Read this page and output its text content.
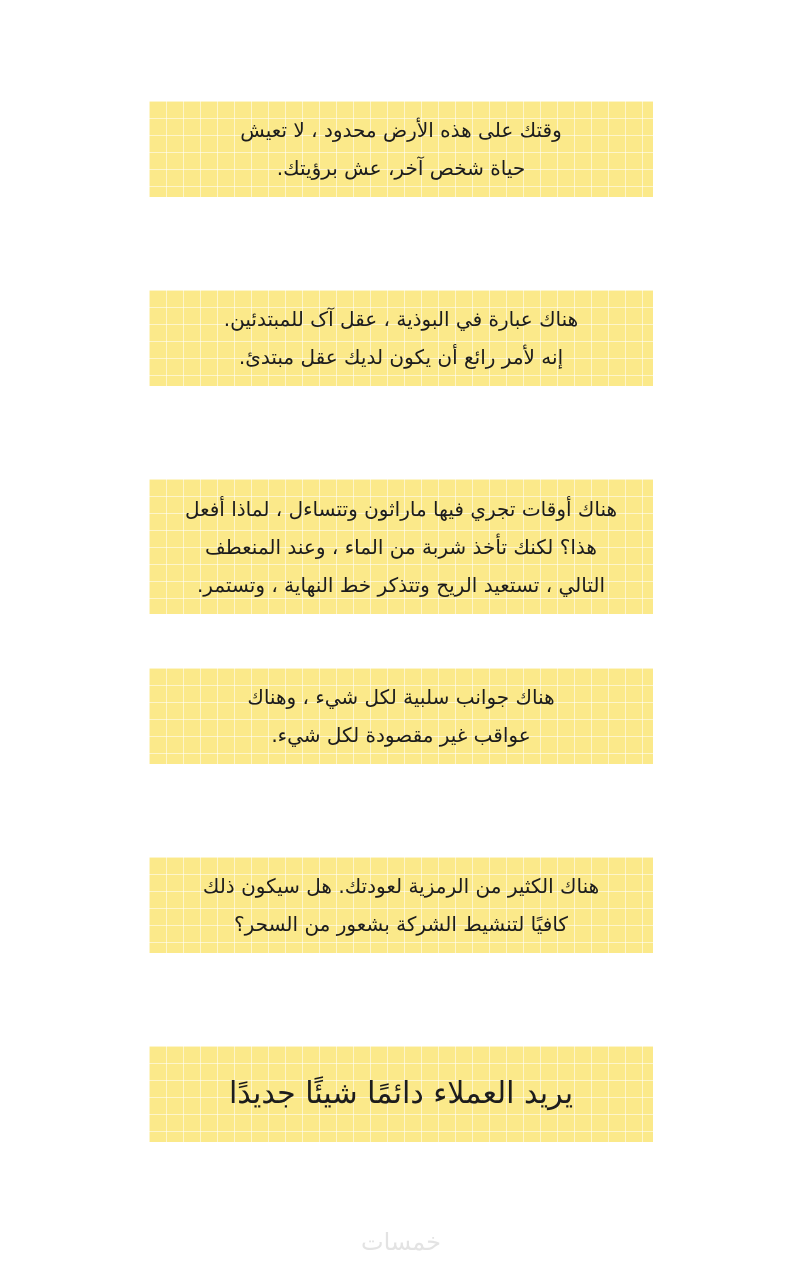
وقتك على هذه الأرض محدود ، لا تعيش
حياة شخص آخر، عش برؤيتك.

هناك عبارة في البوذية ، عقل آک للمبتدئين.
إنه لأمر رائع أن يكون لديك عقل مبتدئ.

هناك أوقات تجري فيها ماراثون وتتساءل ، لماذا أفعل
هذا؟ لكنك تأخذ شربة من الماء ، وعند المنعطف
التالي ، تستعيد الريح وتتذكر خط النهاية ، وتستمر.

هناك جوانب سلبية لكل شيء ، وهناك
عواقب غير مقصودة لكل شيء.

هناك الكثير من الرمزية لعودتك. هل سيكون ذلك
كافيًا لتنشيط الشركة بشعور من السحر؟

يريد العملاء دائمًا شيئًا جديدًا

خمسات
